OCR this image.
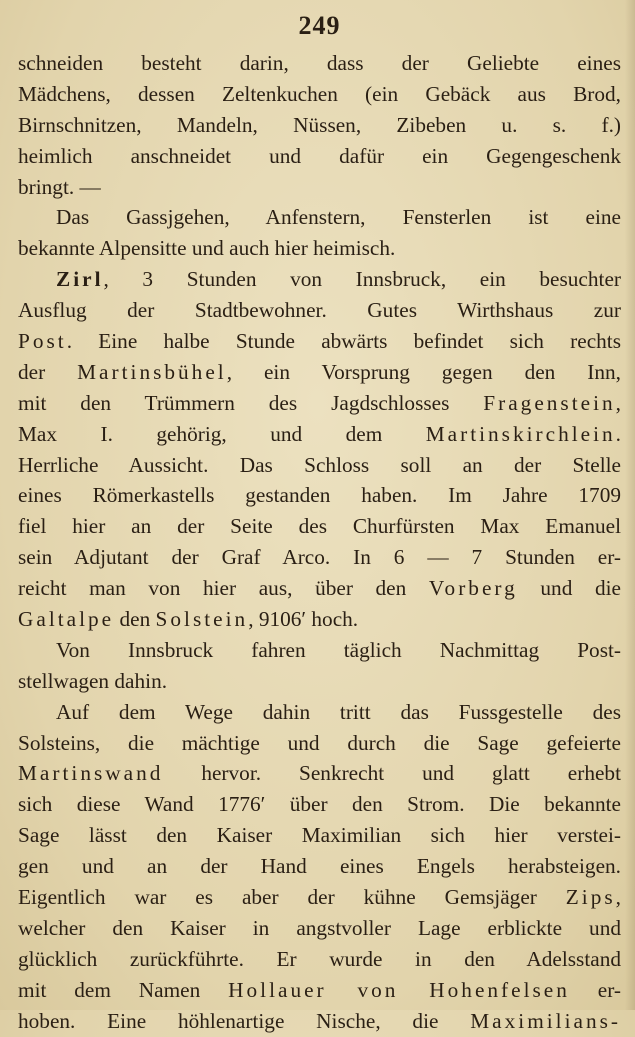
249
schneiden besteht darin, dass der Geliebte eines
Mädchens, dessen Zeltenkuchen (ein Gebäck aus Brod,
Birnschnitzen, Mandeln, Nüssen, Zibeben u. s. f.)
heimlich anschneidet und dafür ein Gegengeschenk
bringt. —
Das Gassjgehen, Anfenstern, Fensterlen ist eine
bekannte Alpensitte und auch hier heimisch.
Zirl, 3 Stunden von Innsbruck, ein besuchter
Ausflug der Stadtbewohner. Gutes Wirthshaus zur
Post. Eine halbe Stunde abwärts befindet sich rechts
der Martinsbühel, ein Vorsprung gegen den Inn,
mit den Trümmern des Jagdschlosses Fragenstein,
Max I. gehörig, und dem Martinskirchlein.
Herrliche Aussicht. Das Schloss soll an der Stelle
eines Römerkastells gestanden haben. Im Jahre 1709
fiel hier an der Seite des Churfürsten Max Emanuel
sein Adjutant der Graf Arco. In 6 — 7 Stunden er-
reicht man von hier aus, über den Vorberg und die
Galtalpe den Solstein, 9106′ hoch.
Von Innsbruck fahren täglich Nachmittag Post-
stellwagen dahin.
Auf dem Wege dahin tritt das Fussgestelle des
Solsteins, die mächtige und durch die Sage gefeierte
Martinswand hervor. Senkrecht und glatt erhebt
sich diese Wand 1776′ über den Strom. Die bekannte
Sage lässt den Kaiser Maximilian sich hier verstei-
gen und an der Hand eines Engels herabsteigen.
Eigentlich war es aber der kühne Gemsjäger Zips,
welcher den Kaiser in angstvoller Lage erblickte und
glücklich zurückführte. Er wurde in den Adelsstand
mit dem Namen Hollauer von Hohenfelsen er-
hoben. Eine höhlenartige Nische, die Maximilians-
